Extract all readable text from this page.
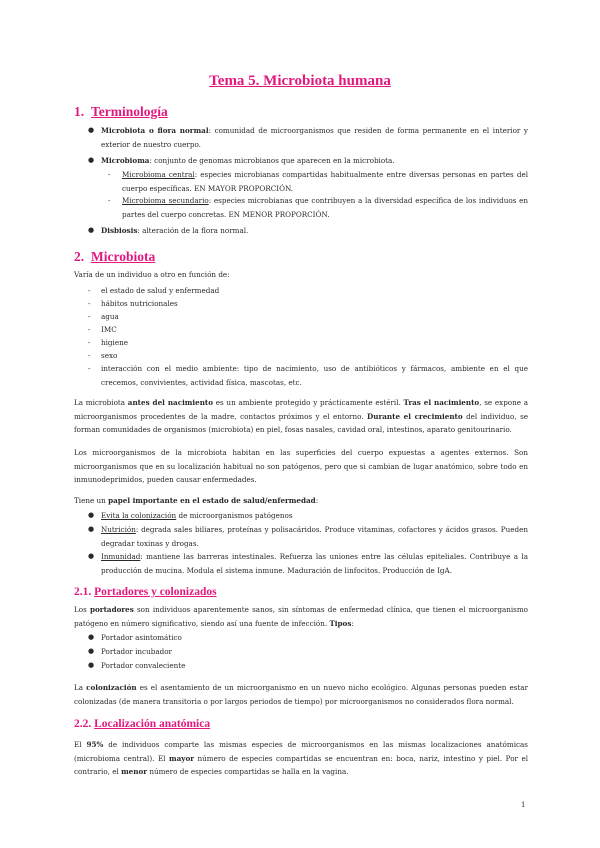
Tema 5. Microbiota humana
1. Terminología
● Microbiota o flora normal: comunidad de microorganismos que residen de forma permanente en el interior y exterior de nuestro cuerpo.
● Microbioma: conjunto de genomas microbianos que aparecen en la microbiota.
- Microbioma central: especies microbianas compartidas habitualmente entre diversas personas en partes del cuerpo específicas. EN MAYOR PROPORCIÓN.
- Microbioma secundario: especies microbianas que contribuyen a la diversidad específica de los individuos en partes del cuerpo concretas. EN MENOR PROPORCIÓN.
● Disbiosis: alteración de la flora normal.
2. Microbiota
Varía de un individuo a otro en función de:
- el estado de salud y enfermedad
- hábitos nutricionales
- agua
- IMC
- higiene
- sexo
- interacción con el medio ambiente: tipo de nacimiento, uso de antibióticos y fármacos, ambiente en el que crecemos, convivientes, actividad física, mascotas, etc.
La microbiota antes del nacimiento es un ambiente protegido y prácticamente estéril. Tras el nacimiento, se expone a microorganismos procedentes de la madre, contactos próximos y el entorno. Durante el crecimiento del individuo, se forman comunidades de organismos (microbiota) en piel, fosas nasales, cavidad oral, intestinos, aparato genitourinario.
Los microorganismos de la microbiota habitan en las superficies del cuerpo expuestas a agentes externos. Son microorganismos que en su localización habitual no son patógenos, pero que si cambian de lugar anatómico, sobre todo en inmunodeprimidos, pueden causar enfermedades.
Tiene un papel importante en el estado de salud/enfermedad:
● Evita la colonización de microorganismos patógenos
● Nutrición: degrada sales biliares, proteínas y polisacáridos. Produce vitaminas, cofactores y ácidos grasos. Pueden degradar toxinas y drogas.
● Inmunidad: mantiene las barreras intestinales. Refuerza las uniones entre las células epiteliales. Contribuye a la producción de mucina. Modula el sistema inmune. Maduración de linfocitos. Producción de IgA.
2.1. Portadores y colonizados
Los portadores son individuos aparentemente sanos, sin síntomas de enfermedad clínica, que tienen el microorganismo patógeno en número significativo, siendo así una fuente de infección. Tipos:
● Portador asintomático
● Portador incubador
● Portador convaleciente
La colonización es el asentamiento de un microorganismo en un nuevo nicho ecológico. Algunas personas pueden estar colonizadas (de manera transitoria o por largos periodos de tiempo) por microorganismos no considerados flora normal.
2.2. Localización anatómica
El 95% de individuos comparte las mismas especies de microorganismos en las mismas localizaciones anatómicas (microbioma central). El mayor número de especies compartidas se encuentran en: boca, nariz, intestino y piel. Por el contrario, el menor número de especies compartidas se halla en la vagina.
1
